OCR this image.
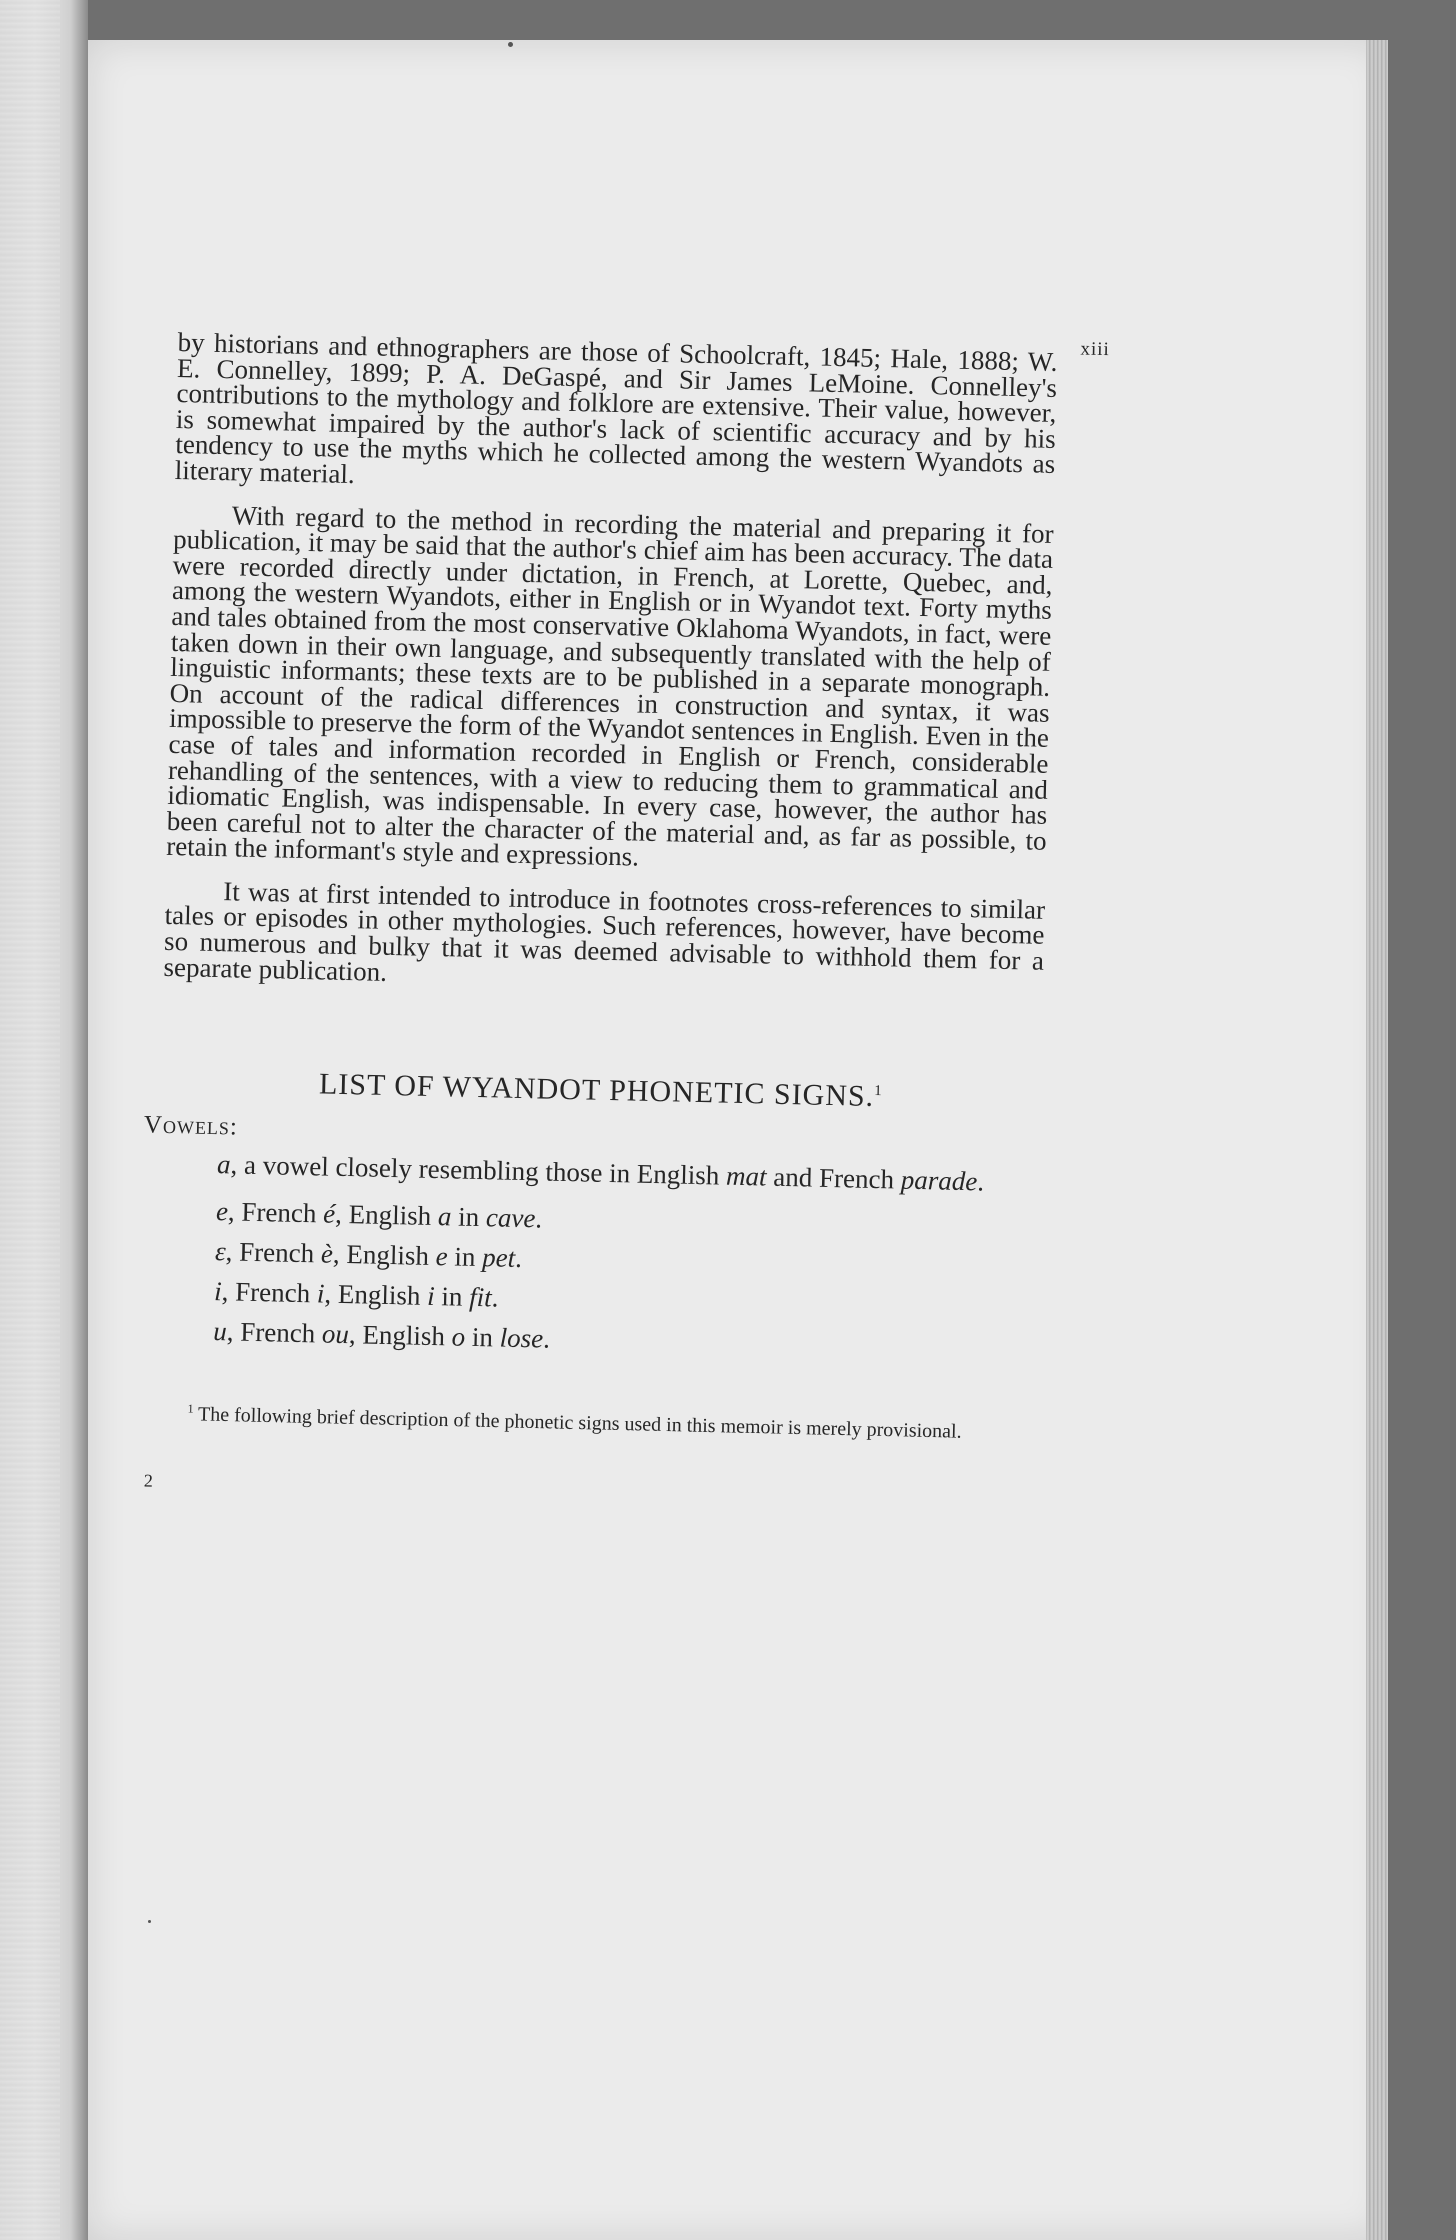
xiii

by historians and ethnographers are those of Schoolcraft, 1845; Hale, 1888; W. E. Connelley, 1899; P. A. DeGaspé, and Sir James LeMoine. Connelley's contributions to the mythology and folklore are extensive. Their value, however, is somewhat impaired by the author's lack of scientific accuracy and by his tendency to use the myths which he collected among the western Wyandots as literary material.

With regard to the method in recording the material and preparing it for publication, it may be said that the author's chief aim has been accuracy. The data were recorded directly under dictation, in French, at Lorette, Quebec, and, among the western Wyandots, either in English or in Wyandot text. Forty myths and tales obtained from the most conservative Oklahoma Wyandots, in fact, were taken down in their own language, and subsequently translated with the help of linguistic informants; these texts are to be published in a separate monograph. On account of the radical differences in construction and syntax, it was impossible to preserve the form of the Wyandot sentences in English. Even in the case of tales and information recorded in English or French, considerable rehandling of the sentences, with a view to reducing them to grammatical and idiomatic English, was indispensable. In every case, however, the author has been careful not to alter the character of the material and, as far as possible, to retain the informant's style and expressions.

It was at first intended to introduce in footnotes cross-references to similar tales or episodes in other mythologies. Such references, however, have become so numerous and bulky that it was deemed advisable to withhold them for a separate publication.

LIST OF WYANDOT PHONETIC SIGNS.$^1$
Vowels:

a, a vowel closely resembling those in English mat and French parade.

e, French é, English a in cave.

ε, French è, English e in pet.

i, French i, English i in fit.

u, French ou, English o in lose.

$^1$ The following brief description of the phonetic signs used in this memoir is merely provisional.

2
